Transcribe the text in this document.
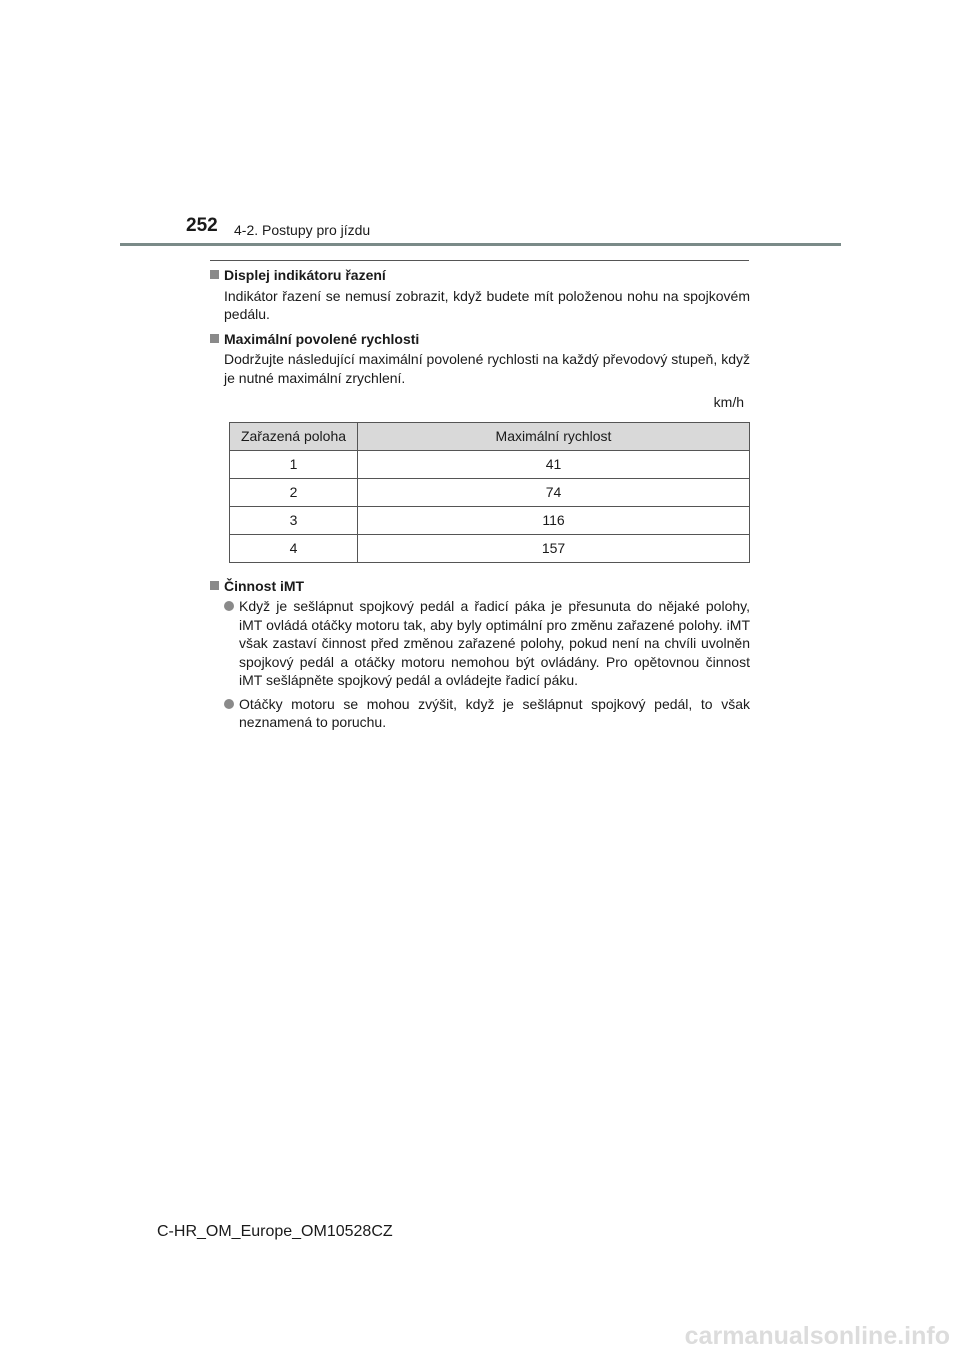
252 4-2. Postupy pro jízdu
Displej indikátoru řazení

Indikátor řazení se nemusí zobrazit, když budete mít položenou nohu na spojkovém pedálu.

Maximální povolené rychlosti

Dodržujte následující maximální povolené rychlosti na každý převodový stupeň, když je nutné maximální zrychlení.

km/h
Zařazená poloha	Maximální rychlost
1	41
2	74
3	116
4	157
Činnost iMT
Když je sešlápnut spojkový pedál a řadicí páka je přesunuta do nějaké polohy, iMT ovládá otáčky motoru tak, aby byly optimální pro změnu zařazené polohy. iMT však zastaví činnost před změnou zařazené polohy, pokud není na chvíli uvolněn spojkový pedál a otáčky motoru nemohou být ovládány. Pro opětovnou činnost iMT sešlápněte spojkový pedál a ovládejte řadicí páku.
Otáčky motoru se mohou zvýšit, když je sešlápnut spojkový pedál, to však neznamená to poruchu.
C-HR_OM_Europe_OM10528CZ
carmanualsonline.info
